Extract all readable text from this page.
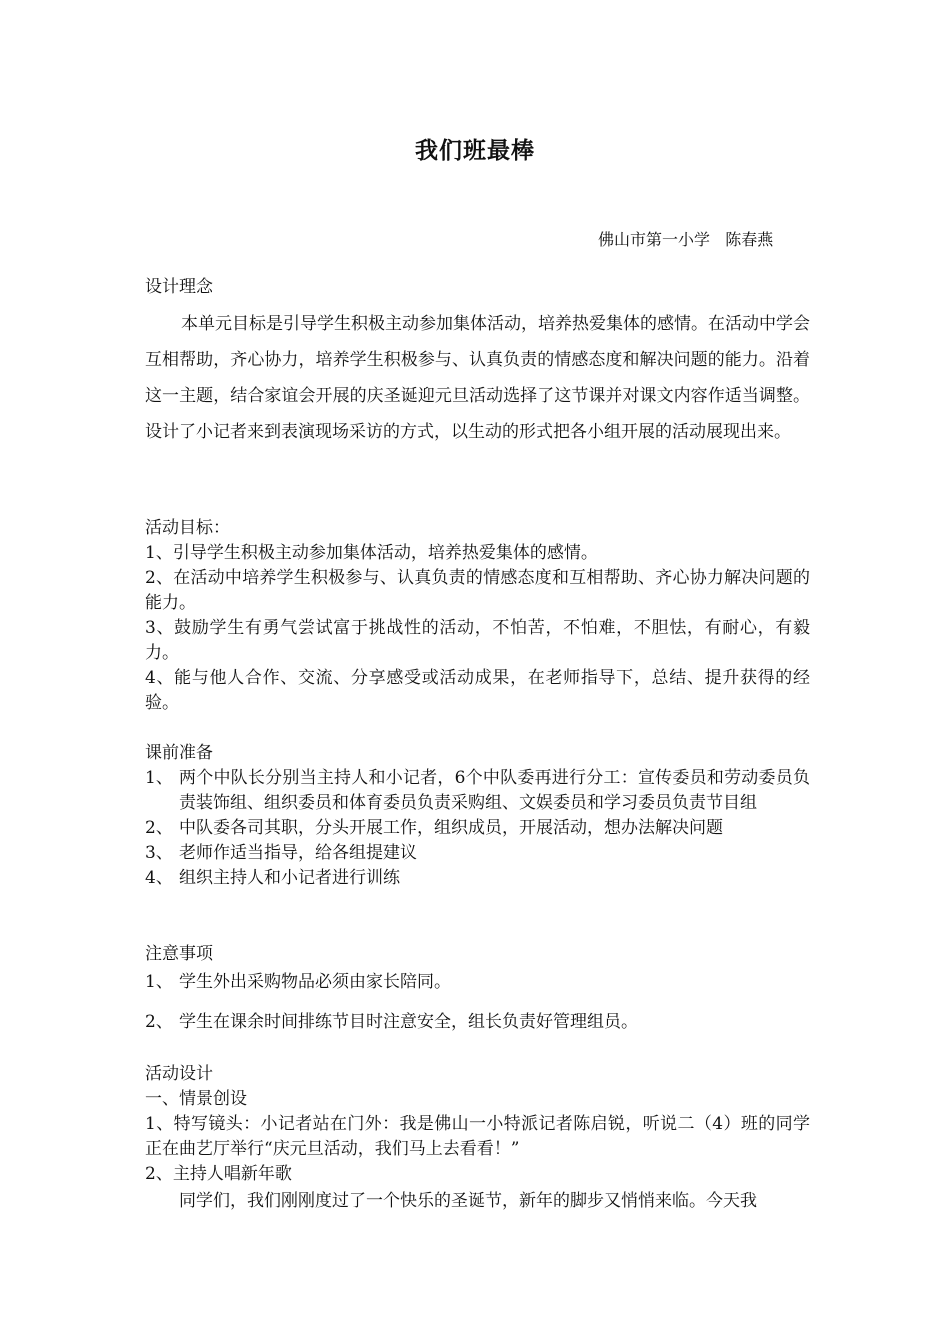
我们班最棒
佛山市第一小学   陈春燕
设计理念
本单元目标是引导学生积极主动参加集体活动，培养热爱集体的感情。在活动中学会互相帮助，齐心协力，培养学生积极参与、认真负责的情感态度和解决问题的能力。沿着这一主题，结合家谊会开展的庆圣诞迎元旦活动选择了这节课并对课文内容作适当调整。设计了小记者来到表演现场采访的方式，以生动的形式把各小组开展的活动展现出来。
活动目标：
1、引导学生积极主动参加集体活动，培养热爱集体的感情。
2、在活动中培养学生积极参与、认真负责的情感态度和互相帮助、齐心协力解决问题的能力。
3、鼓励学生有勇气尝试富于挑战性的活动，不怕苦，不怕难，不胆怯，有耐心，有毅力。
4、能与他人合作、交流、分享感受或活动成果，在老师指导下，总结、提升获得的经验。
课前准备
1、 两个中队长分别当主持人和小记者，6个中队委再进行分工：宣传委员和劳动委员负责装饰组、组织委员和体育委员负责采购组、文娱委员和学习委员负责节目组
2、 中队委各司其职，分头开展工作，组织成员，开展活动，想办法解决问题
3、 老师作适当指导，给各组提建议
4、 组织主持人和小记者进行训练
注意事项
1、 学生外出采购物品必须由家长陪同。
2、 学生在课余时间排练节目时注意安全，组长负责好管理组员。
活动设计
一、情景创设
1、特写镜头：小记者站在门外：我是佛山一小特派记者陈启锐，听说二（4）班的同学正在曲艺厅举行“庆元旦活动，我们马上去看看！”
2、主持人唱新年歌
同学们，我们刚刚度过了一个快乐的圣诞节，新年的脚步又悄悄来临。今天我
